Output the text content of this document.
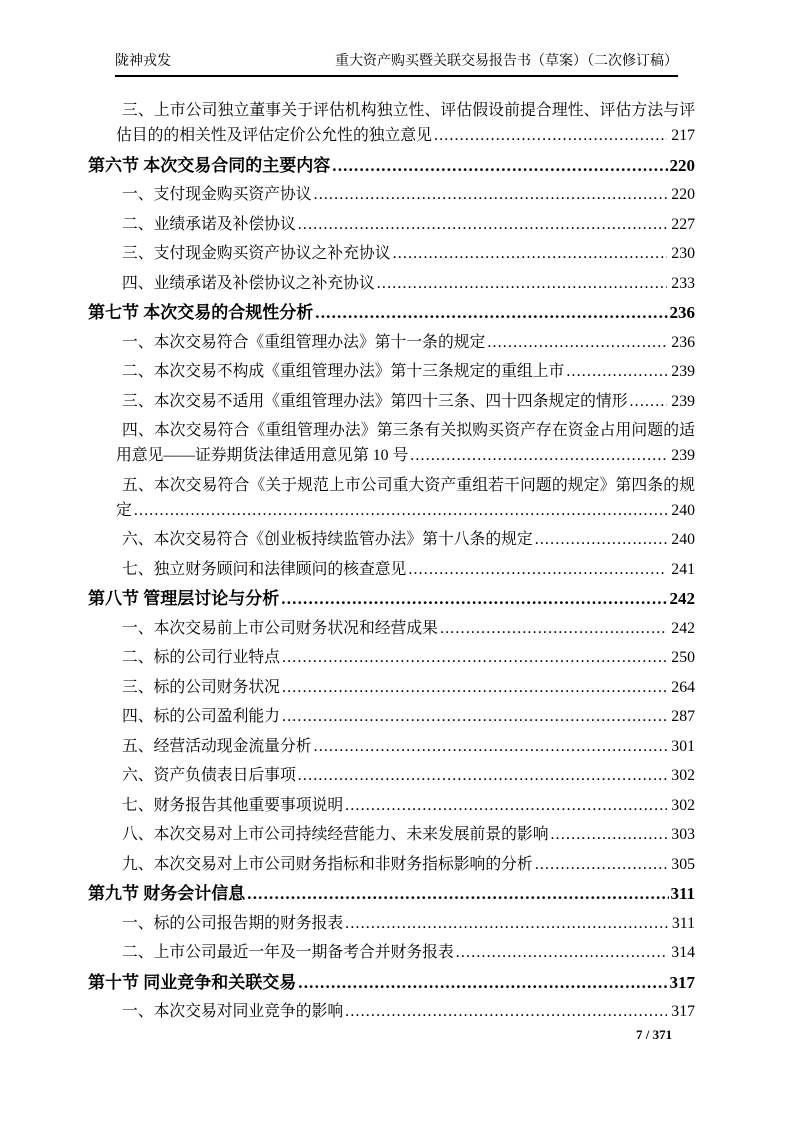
陇神戎发	重大资产购买暨关联交易报告书（草案）（二次修订稿）
三、上市公司独立董事关于评估机构独立性、评估假设前提合理性、评估方法与评
估目的的相关性及评估定价公允性的独立意见 .....	217
第六节 本次交易合同的主要内容 .....	220
一、支付现金购买资产协议 .....	220
二、业绩承诺及补偿协议 .....	227
三、支付现金购买资产协议之补充协议 .....	230
四、业绩承诺及补偿协议之补充协议 .....	233
第七节 本次交易的合规性分析 .....	236
一、本次交易符合《重组管理办法》第十一条的规定 .....	236
二、本次交易不构成《重组管理办法》第十三条规定的重组上市 .....	239
三、本次交易不适用《重组管理办法》第四十三条、四十四条规定的情形 .....	239
四、本次交易符合《重组管理办法》第三条有关拟购买资产存在资金占用问题的适
用意见——证券期货法律适用意见第 10 号 .....	239
五、本次交易符合《关于规范上市公司重大资产重组若干问题的规定》第四条的规
定 .....	240
六、本次交易符合《创业板持续监管办法》第十八条的规定 .....	240
七、独立财务顾问和法律顾问的核查意见 .....	241
第八节 管理层讨论与分析 .....	242
一、本次交易前上市公司财务状况和经营成果 .....	242
二、标的公司行业特点 .....	250
三、标的公司财务状况 .....	264
四、标的公司盈利能力 .....	287
五、经营活动现金流量分析 .....	301
六、资产负债表日后事项 .....	302
七、财务报告其他重要事项说明 .....	302
八、本次交易对上市公司持续经营能力、未来发展前景的影响 .....	303
九、本次交易对上市公司财务指标和非财务指标影响的分析 .....	305
第九节 财务会计信息 .....	311
一、标的公司报告期的财务报表 .....	311
二、上市公司最近一年及一期备考合并财务报表 .....	314
第十节 同业竞争和关联交易 .....	317
一、本次交易对同业竞争的影响 .....	317
7 / 371
